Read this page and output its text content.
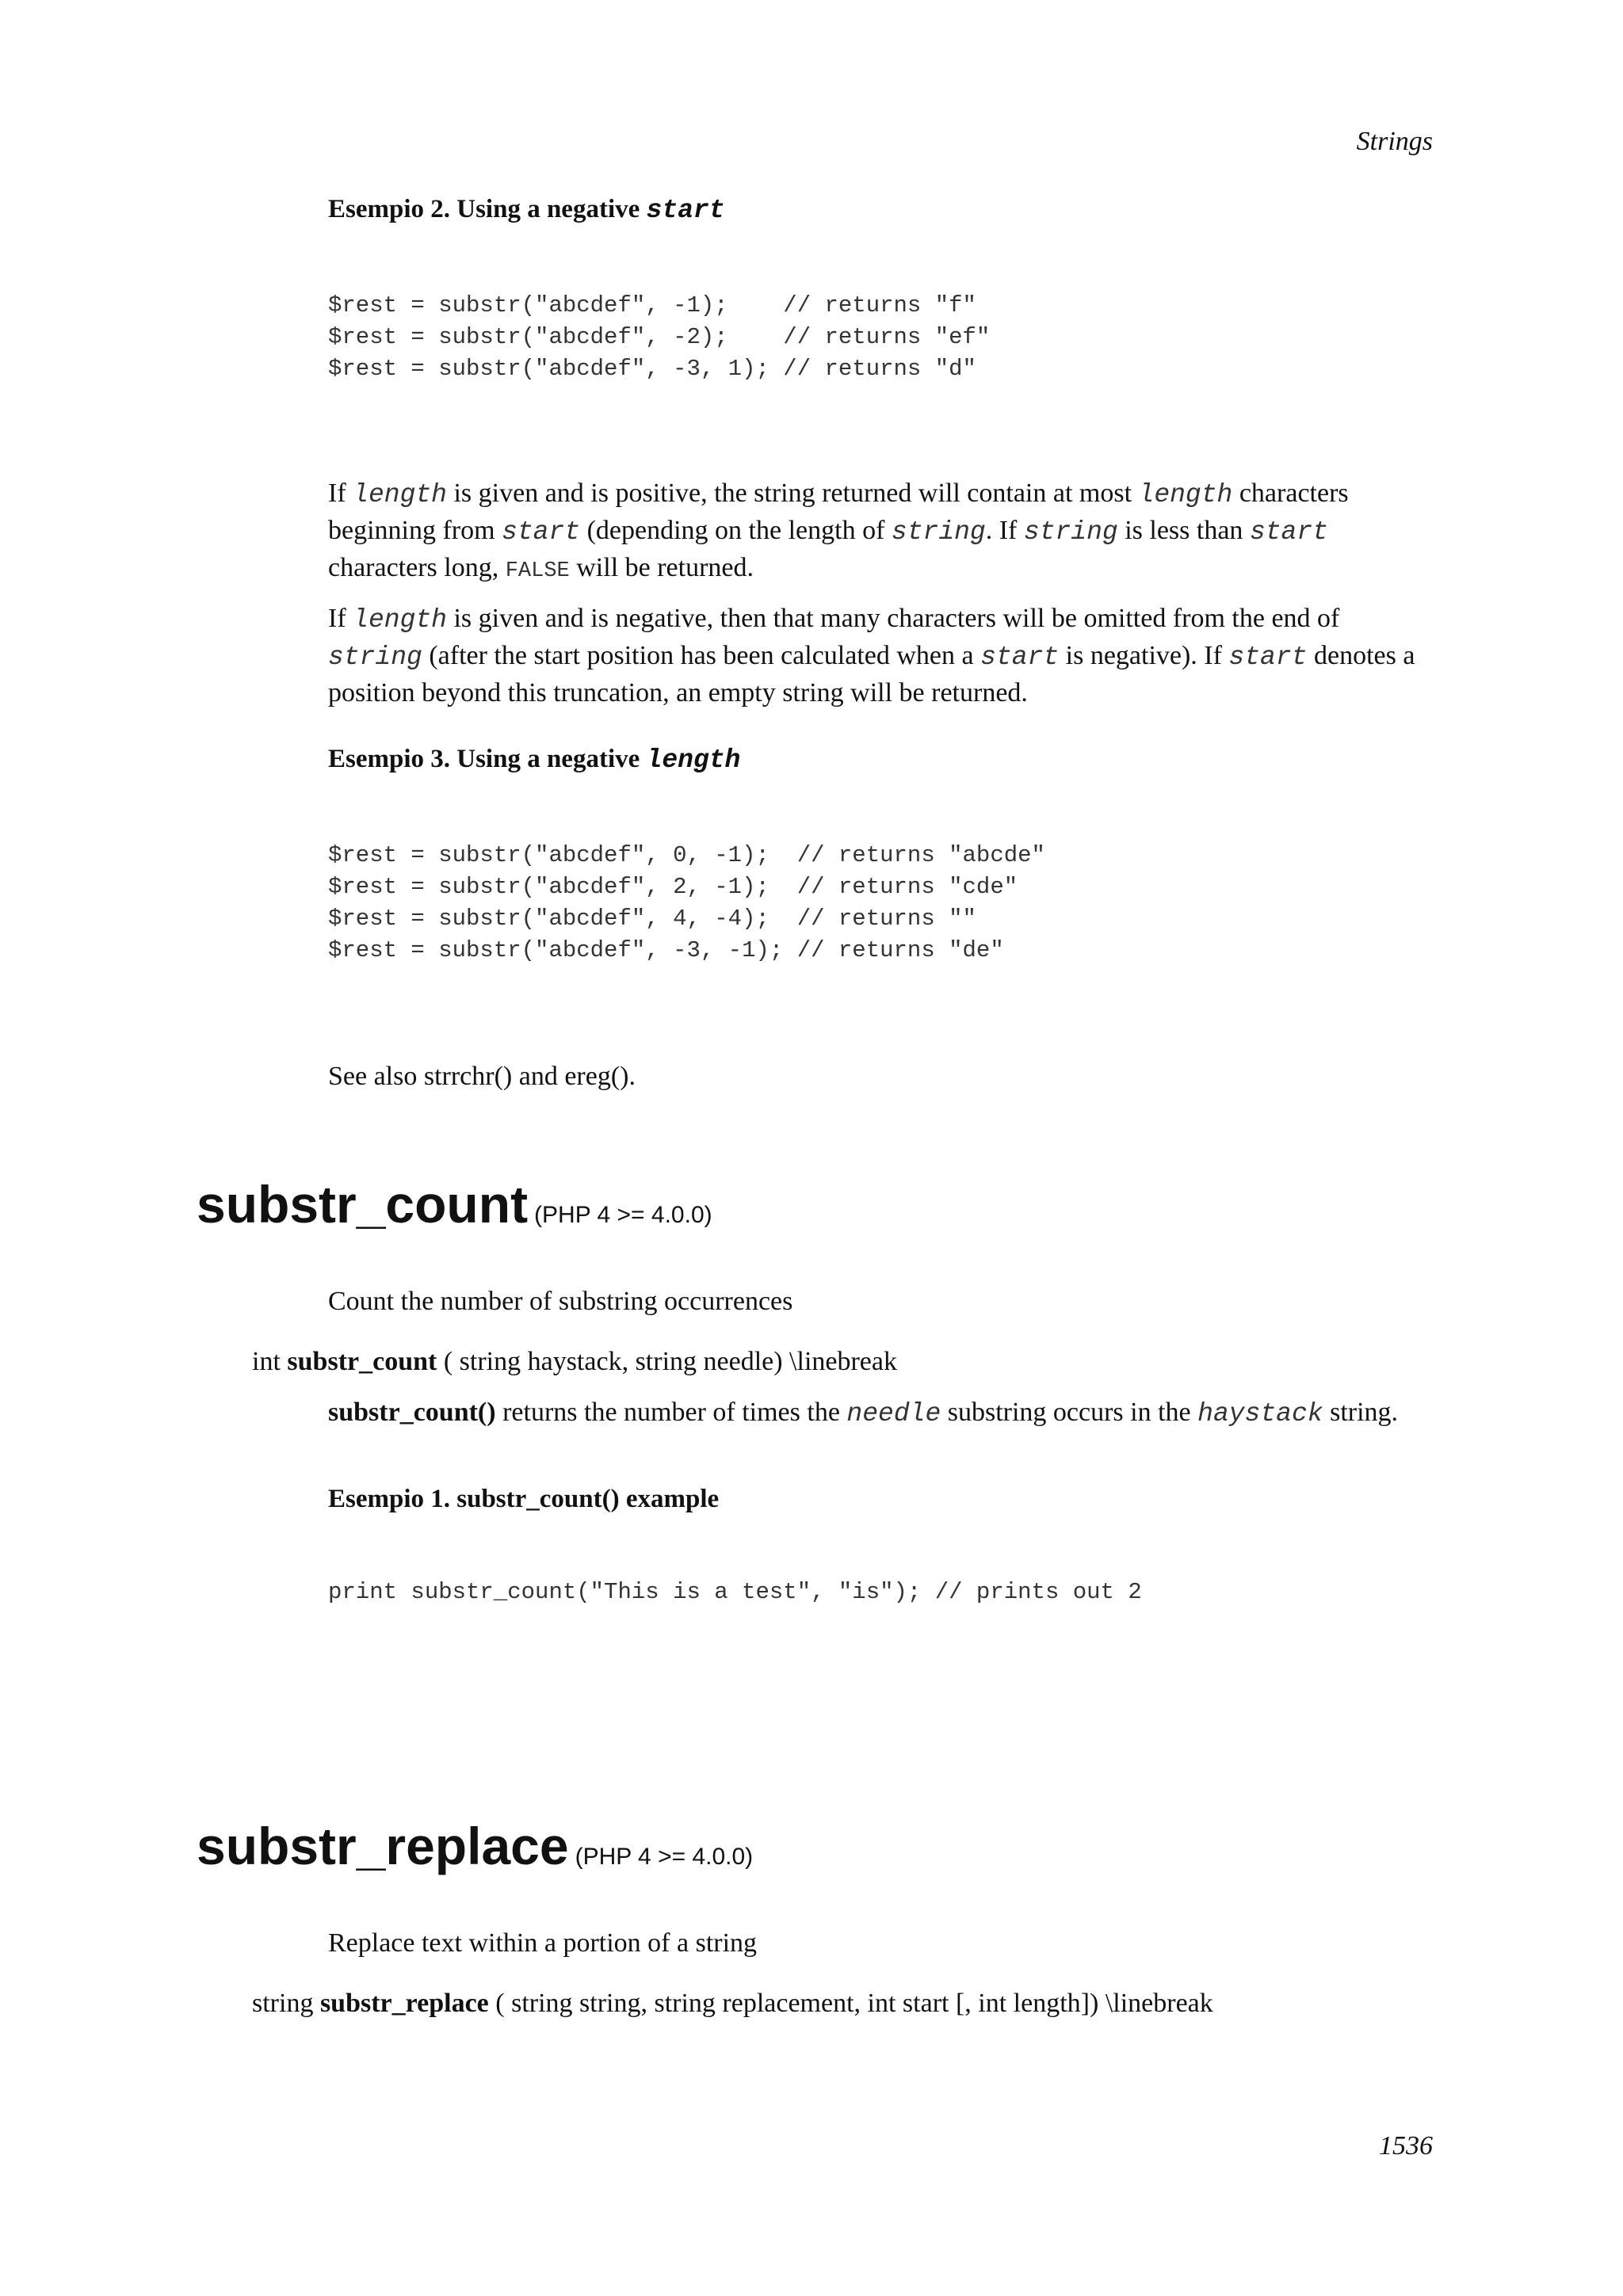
Strings
Esempio 2. Using a negative start
$rest = substr("abcdef", -1);    // returns "f"
$rest = substr("abcdef", -2);    // returns "ef"
$rest = substr("abcdef", -3, 1); // returns "d"

If length is given and is positive, the string returned will contain at most length characters beginning from start (depending on the length of string. If string is less than start characters long, FALSE will be returned.

If length is given and is negative, then that many characters will be omitted from the end of string (after the start position has been calculated when a start is negative). If start denotes a position beyond this truncation, an empty string will be returned.

Esempio 3. Using a negative length
$rest = substr("abcdef", 0, -1);  // returns "abcde"
$rest = substr("abcdef", 2, -1);  // returns "cde"
$rest = substr("abcdef", 4, -4);  // returns ""
$rest = substr("abcdef", -3, -1); // returns "de"
See also strrchr() and ereg().
substr_count (PHP 4 >= 4.0.0)
Count the number of substring occurrences
int substr_count ( string haystack, string needle) \linebreak
substr_count() returns the number of times the needle substring occurs in the haystack string.
Esempio 1. substr_count() example
print substr_count("This is a test", "is"); // prints out 2
substr_replace (PHP 4 >= 4.0.0)
Replace text within a portion of a string
string substr_replace ( string string, string replacement, int start [, int length]) \linebreak
1536
